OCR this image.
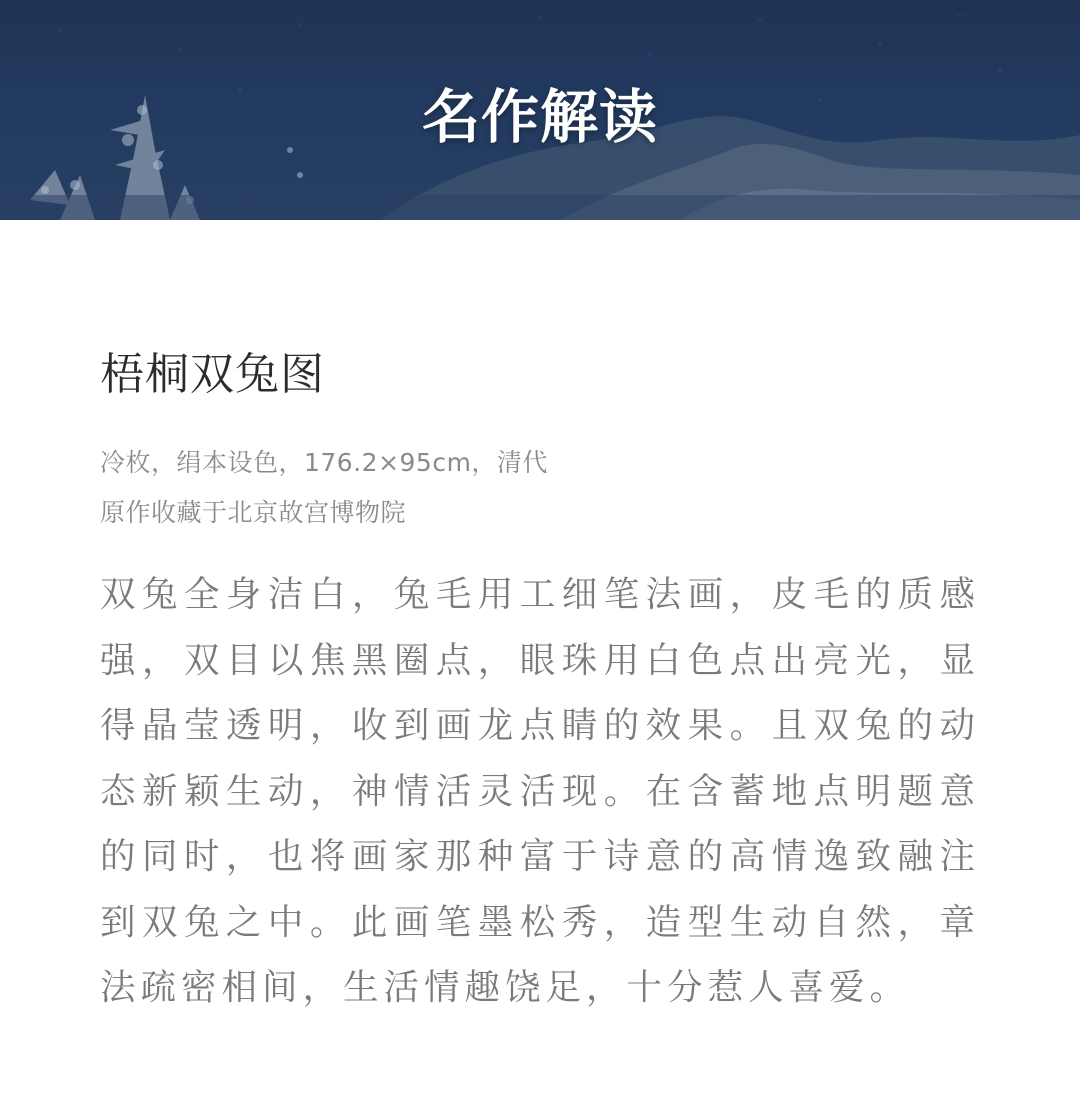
名作解读
梧桐双兔图
冷枚，绢本设色，176.2×95cm，清代
原作收藏于北京故宫博物院

双兔全身洁白，兔毛用工细笔法画，皮毛的质感强，双目以焦黑圈点，眼珠用白色点出亮光，显得晶莹透明，收到画龙点睛的效果。且双兔的动态新颖生动，神情活灵活现。在含蓄地点明题意的同时，也将画家那种富于诗意的高情逸致融注到双兔之中。此画笔墨松秀，造型生动自然，章法疏密相间，生活情趣饶足，十分惹人喜爱。
